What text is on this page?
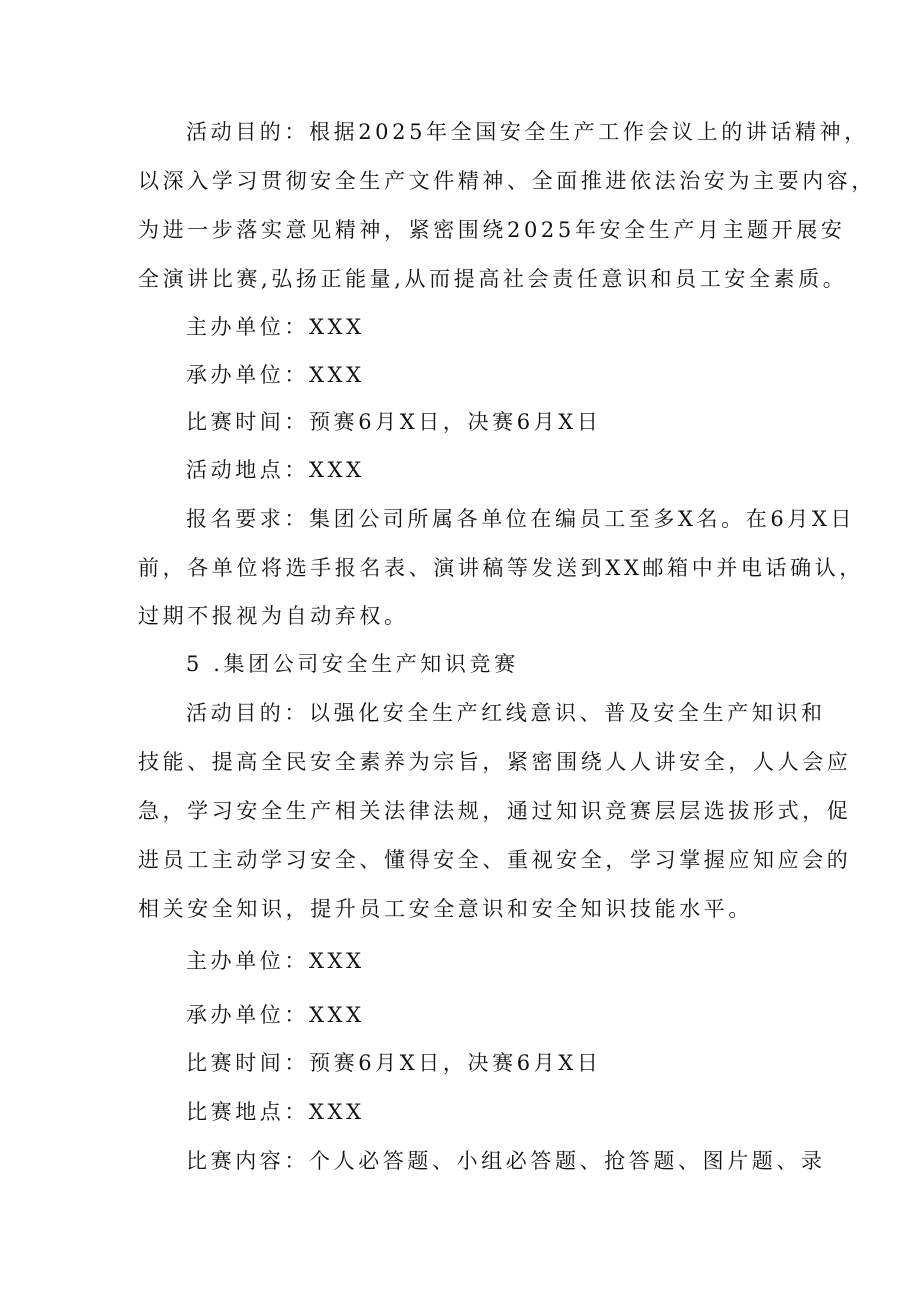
活动目的：根据2025年全国安全生产工作会议上的讲话精神，
以深入学习贯彻安全生产文件精神、全面推进依法治安为主要内容，
为进一步落实意见精神，紧密围绕2025年安全生产月主题开展安
全演讲比赛,弘扬正能量,从而提高社会责任意识和员工安全素质。
主办单位：XXX
承办单位：XXX
比赛时间：预赛6月X日，决赛6月X日
活动地点：XXX
报名要求：集团公司所属各单位在编员工至多X名。在6月X日
前，各单位将选手报名表、演讲稿等发送到XX邮箱中并电话确认，
过期不报视为自动弃权。
5 .集团公司安全生产知识竞赛
活动目的：以强化安全生产红线意识、普及安全生产知识和
技能、提高全民安全素养为宗旨，紧密围绕人人讲安全，人人会应
急，学习安全生产相关法律法规，通过知识竞赛层层选拔形式，促
进员工主动学习安全、懂得安全、重视安全，学习掌握应知应会的
相关安全知识，提升员工安全意识和安全知识技能水平。
主办单位：XXX
承办单位：XXX
比赛时间：预赛6月X日，决赛6月X日
比赛地点：XXX
比赛内容：个人必答题、小组必答题、抢答题、图片题、录
